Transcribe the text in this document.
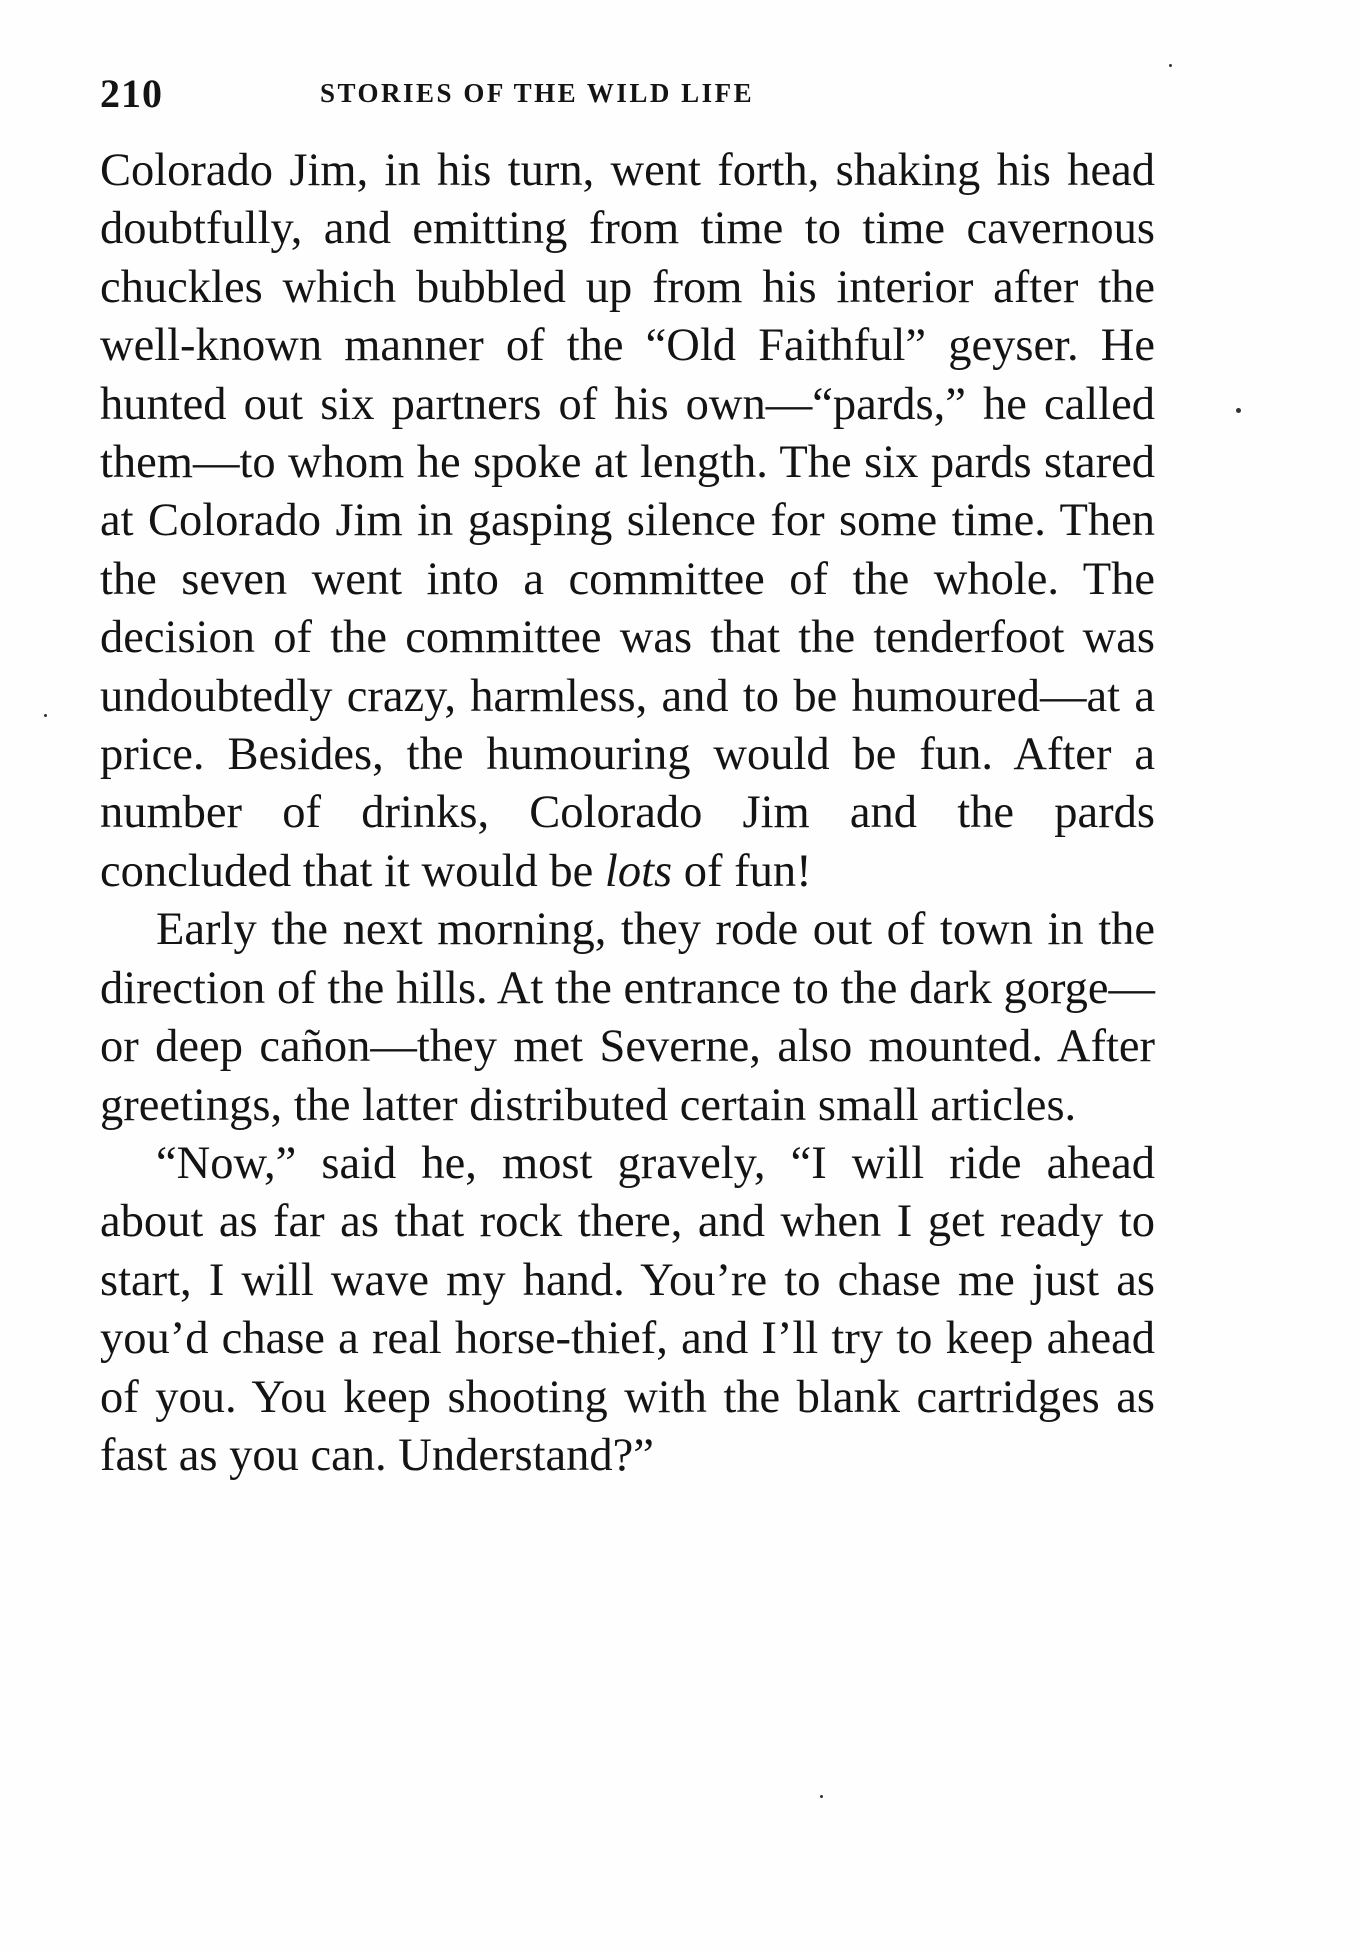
210	STORIES OF THE WILD LIFE

Colorado Jim, in his turn, went forth, shaking his head doubtfully, and emitting from time to time cavernous chuckles which bubbled up from his interior after the well-known manner of the “Old Faithful” geyser. He hunted out six partners of his own—“pards,” he called them—to whom he spoke at length. The six pards stared at Colorado Jim in gasping silence for some time. Then the seven went into a committee of the whole. The decision of the committee was that the tenderfoot was undoubtedly crazy, harmless, and to be humoured—at a price. Besides, the humouring would be fun. After a number of drinks, Colorado Jim and the pards concluded that it would be lots of fun!

Early the next morning, they rode out of town in the direction of the hills. At the entrance to the dark gorge—or deep cañon—they met Severne, also mounted. After greetings, the latter distributed certain small articles.

“Now,” said he, most gravely, “I will ride ahead about as far as that rock there, and when I get ready to start, I will wave my hand. You’re to chase me just as you’d chase a real horse-thief, and I’ll try to keep ahead of you. You keep shooting with the blank cartridges as fast as you can. Understand?”
